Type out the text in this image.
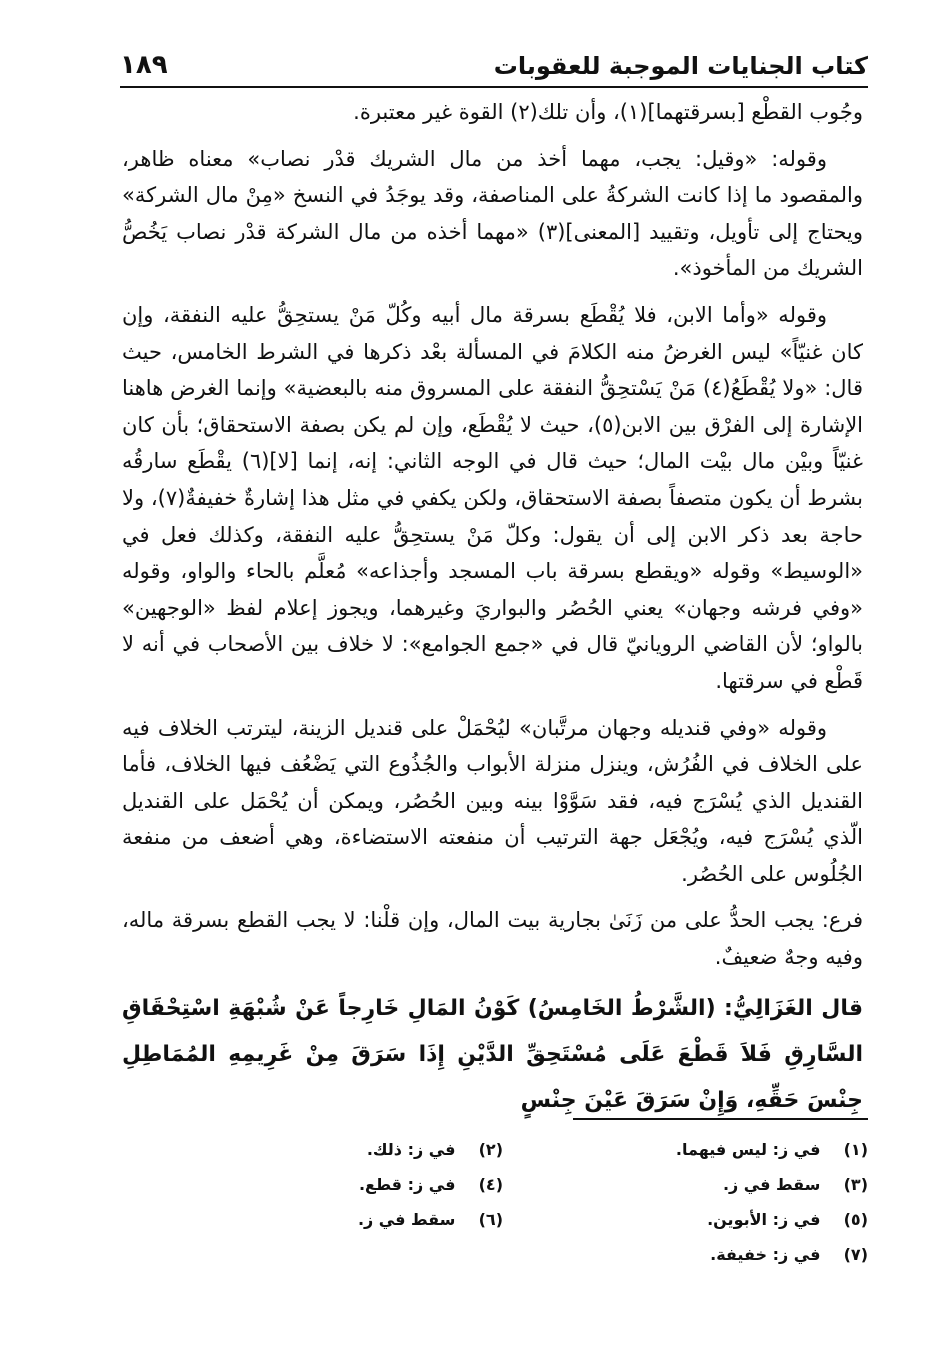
كتاب الجنايات الموجبة للعقوبات
١٨٩

وجُوب القطْع [بسرقتهما](١)، وأن تلك(٢) القوة غير معتبرة.

وقوله: «وقيل: يجب، مهما أخذ من مال الشريك قدْر نصاب» معناه ظاهر، والمقصود ما إذا كانت الشركةُ على المناصفة، وقد يوجَدُ في النسخ «مِنْ مال الشركة» ويحتاج إلى تأويل، وتقييد [المعنى](٣) «مهما أخذه من مال الشركة قدْر نصاب يَخُصُّ الشريك من المأخوذ».

وقوله «وأما الابن، فلا يُقْطَع بسرقة مال أبيه وكُلّ مَنْ يستحِقُّ عليه النفقة، وإن كان غنيّاً» ليس الغرضُ منه الكلامَ في المسألة بعْد ذكرها في الشرط الخامس، حيث قال: «ولا يُقْطَعُ(٤) مَنْ يَسْتحِقُّ النفقة على المسروق منه بالبعضية» وإنما الغرض هاهنا الإشارة إلى الفرْق بين الابن(٥)، حيث لا يُقْطَع، وإن لم يكن بصفة الاستحقاق؛ بأن كان غنيّاً وبيْن مال بيْت المال؛ حيث قال في الوجه الثاني: إنه، إنما [لا](٦) يقْطَع سارقُه بشرط أن يكون متصفاً بصفة الاستحقاق، ولكن يكفي في مثل هذا إشارةٌ خفيفةٌ(٧)، ولا حاجة بعد ذكر الابن إلى أن يقول: وكلّ مَنْ يستحِقُّ عليه النفقة، وكذلك فعل في «الوسيط» وقوله «ويقطع بسرقة باب المسجد وأجذاعه» مُعلَّم بالحاء والواو، وقوله «وفي فرشه وجهان» يعني الحُصُر والبواريَ وغيرهما، ويجوز إعلام لفظ «الوجهين» بالواو؛ لأن القاضي الرويانيّ قال في «جمع الجوامع»: لا خلاف بين الأصحاب في أنه لا قَطْع في سرقتها.

وقوله «وفي قنديله وجهان مرتَّبان» ليُحْمَلْ على قنديل الزينة، ليترتب الخلاف فيه على الخلاف في الفُرُش، وينزل منزلة الأبواب والجُذُوع التي يَضْعُف فيها الخلاف، فأما القنديل الذي يُسْرَج فيه، فقد سَوَّوْا بينه وبين الحُصُر، ويمكن أن يُحْمَل على القنديل الّذي يُسْرَج فيه، ويُجْعَل جهة الترتيب أن منفعته الاستضاءة، وهي أضعف من منفعة الجُلُوس على الحُصُر.

فرع: يجب الحدُّ على من زَنَىٰ بجارية بيت المال، وإن قلْنا: لا يجب القطع بسرقة ماله، وفيه وجهٌ ضعيفٌ.

قال الغَزَالِيُّ: (الشَّرْطُ الخَامِسُ) كَوْنُ المَالِ خَارِجاً عَنْ شُبْهَةِ اسْتِحْقَاقِ السَّارِقِ فَلاَ قَطْعَ عَلَى مُسْتَحِقِّ الدَّيْنِ إِذَا سَرَقَ مِنْ غَرِيمِهِ المُمَاطِلِ جِنْسَ حَقِّهِ، وَإِنْ سَرَقَ عَيْنَ جِنْسٍ

(١) في ز: ليس فيهما.
(٣) سقط في ز.
(٥) في ز: الأبوين.
(٧) في ز: خفيفة.
(٢) في ز: ذلك.
(٤) في ز: قطع.
(٦) سقط في ز.
